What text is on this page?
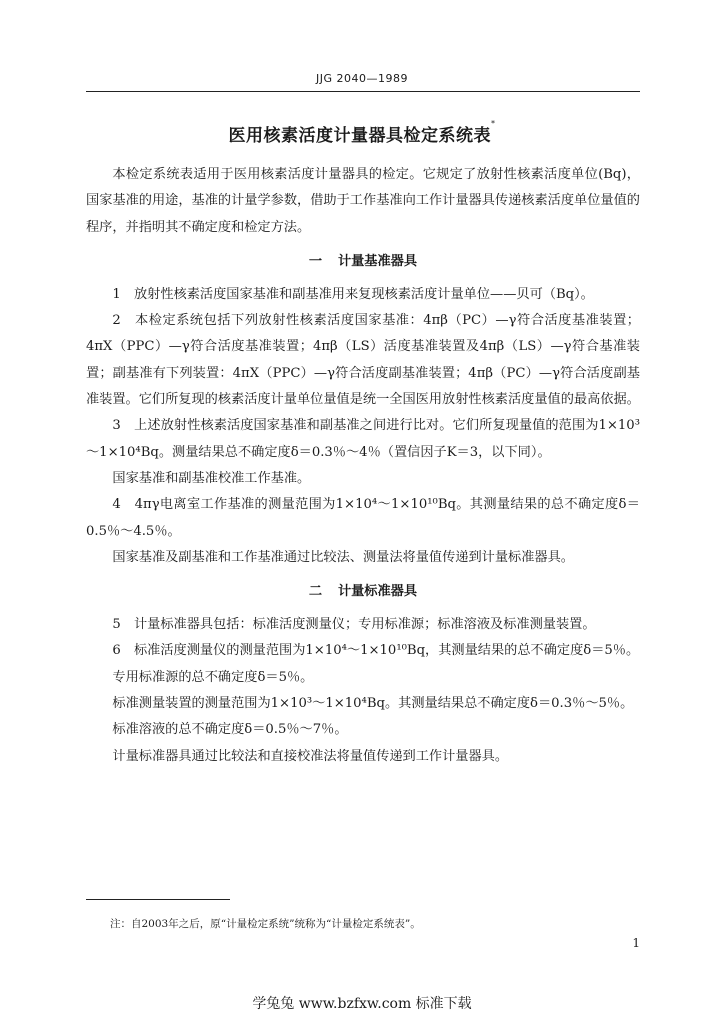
JJG 2040—1989
医用核素活度计量器具检定系统表*

本检定系统表适用于医用核素活度计量器具的检定。它规定了放射性核素活度单位(Bq)，国家基准的用途，基准的计量学参数，借助于工作基准向工作计量器具传递核素活度单位量值的程序，并指明其不确定度和检定方法。

一 计量基准器具

1　放射性核素活度国家基准和副基准用来复现核素活度计量单位——贝可（Bq）。

2　本检定系统包括下列放射性核素活度国家基准：4πβ（PC）—γ符合活度基准装置；4πX（PPC）—γ符合活度基准装置；4πβ（LS）活度基准装置及4πβ（LS）—γ符合基准装置；副基准有下列装置：4πX（PPC）—γ符合活度副基准装置；4πβ（PC）—γ符合活度副基准装置。它们所复现的核素活度计量单位量值是统一全国医用放射性核素活度量值的最高依据。

3　上述放射性核素活度国家基准和副基准之间进行比对。它们所复现量值的范围为1×10³～1×10⁴Bq。测量结果总不确定度δ＝0.3％～4％（置信因子K＝3，以下同）。

国家基准和副基准校准工作基准。

4　4πγ电离室工作基准的测量范围为1×10⁴～1×10¹⁰Bq。其测量结果的总不确定度δ＝0.5％～4.5％。

国家基准及副基准和工作基准通过比较法、测量法将量值传递到计量标准器具。

二 计量标准器具

5　计量标准器具包括：标准活度测量仪；专用标准源；标准溶液及标准测量装置。

6　标准活度测量仪的测量范围为1×10⁴～1×10¹⁰Bq，其测量结果的总不确定度δ＝5％。

专用标准源的总不确定度δ＝5％。

标准测量装置的测量范围为1×10³～1×10⁴Bq。其测量结果总不确定度δ＝0.3％～5％。

标准溶液的总不确定度δ＝0.5％～7％。

计量标准器具通过比较法和直接校准法将量值传递到工作计量器具。

注：自2003年之后，原“计量检定系统”统称为“计量检定系统表”。
1
学兔兔 www.bzfxw.com 标准下载
